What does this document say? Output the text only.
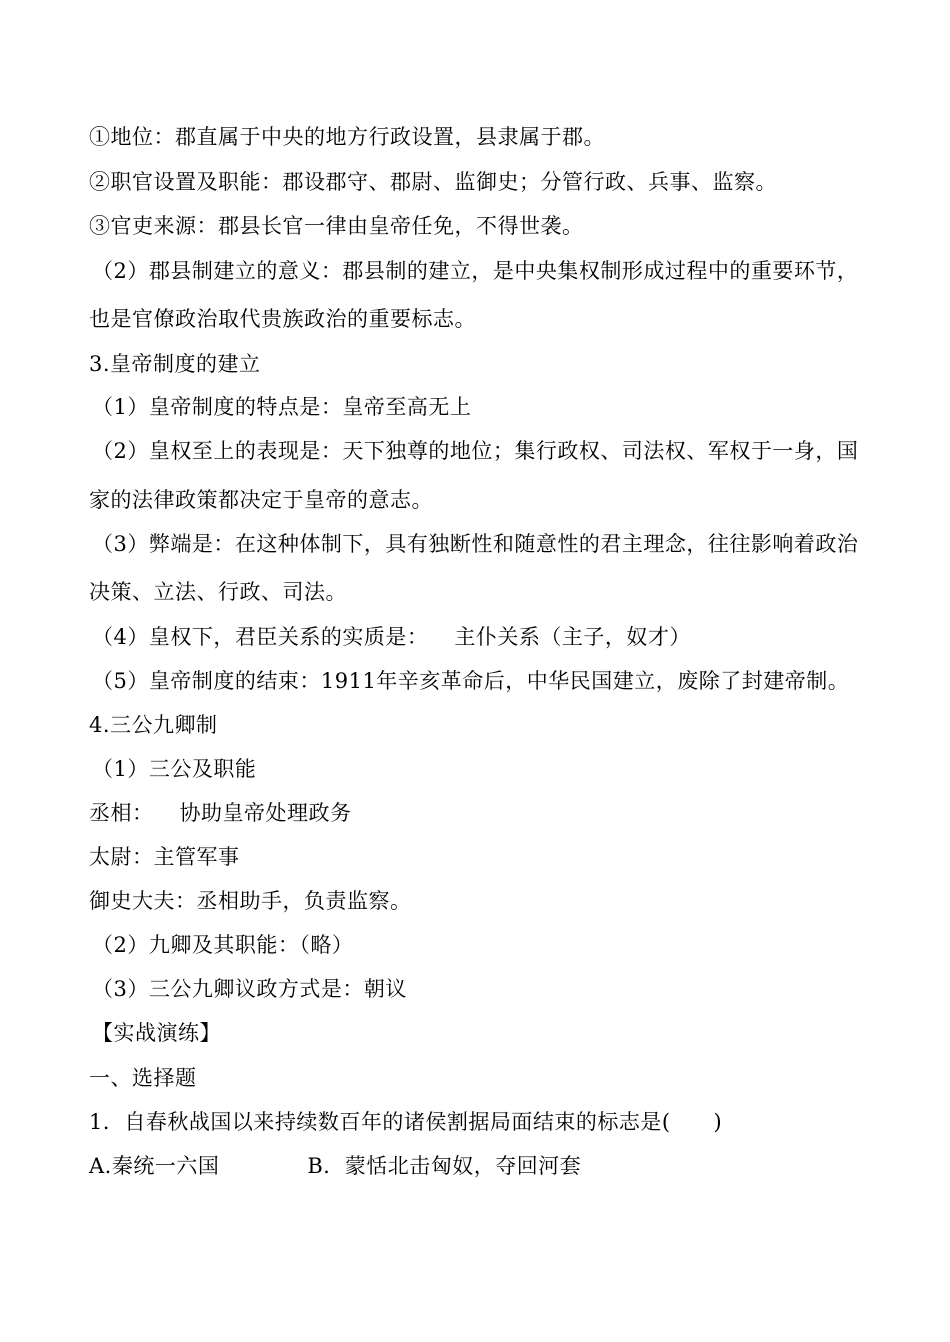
①地位：郡直属于中央的地方行政设置，县隶属于郡。
②职官设置及职能：郡设郡守、郡尉、监御史；分管行政、兵事、监察。
③官吏来源：郡县长官一律由皇帝任免，不得世袭。
（2）郡县制建立的意义：郡县制的建立，是中央集权制形成过程中的重要环节，
也是官僚政治取代贵族政治的重要标志。
3.皇帝制度的建立
（1）皇帝制度的特点是：皇帝至高无上
（2）皇权至上的表现是：天下独尊的地位；集行政权、司法权、军权于一身，国
家的法律政策都决定于皇帝的意志。
（3）弊端是：在这种体制下，具有独断性和随意性的君主理念，往往影响着政治
决策、立法、行政、司法。
（4）皇权下，君臣关系的实质是： 主仆关系（主子，奴才）
（5）皇帝制度的结束：1911年辛亥革命后，中华民国建立，废除了封建帝制。
4.三公九卿制
（1）三公及职能
丞相： 协助皇帝处理政务
太尉：主管军事
御史大夫：丞相助手，负责监察。
（2）九卿及其职能：（略）
（3）三公九卿议政方式是：朝议
【实战演练】
一、选择题
1．自春秋战国以来持续数百年的诸侯割据局面结束的标志是(　　)
A.秦统一六国	B．蒙恬北击匈奴，夺回河套
